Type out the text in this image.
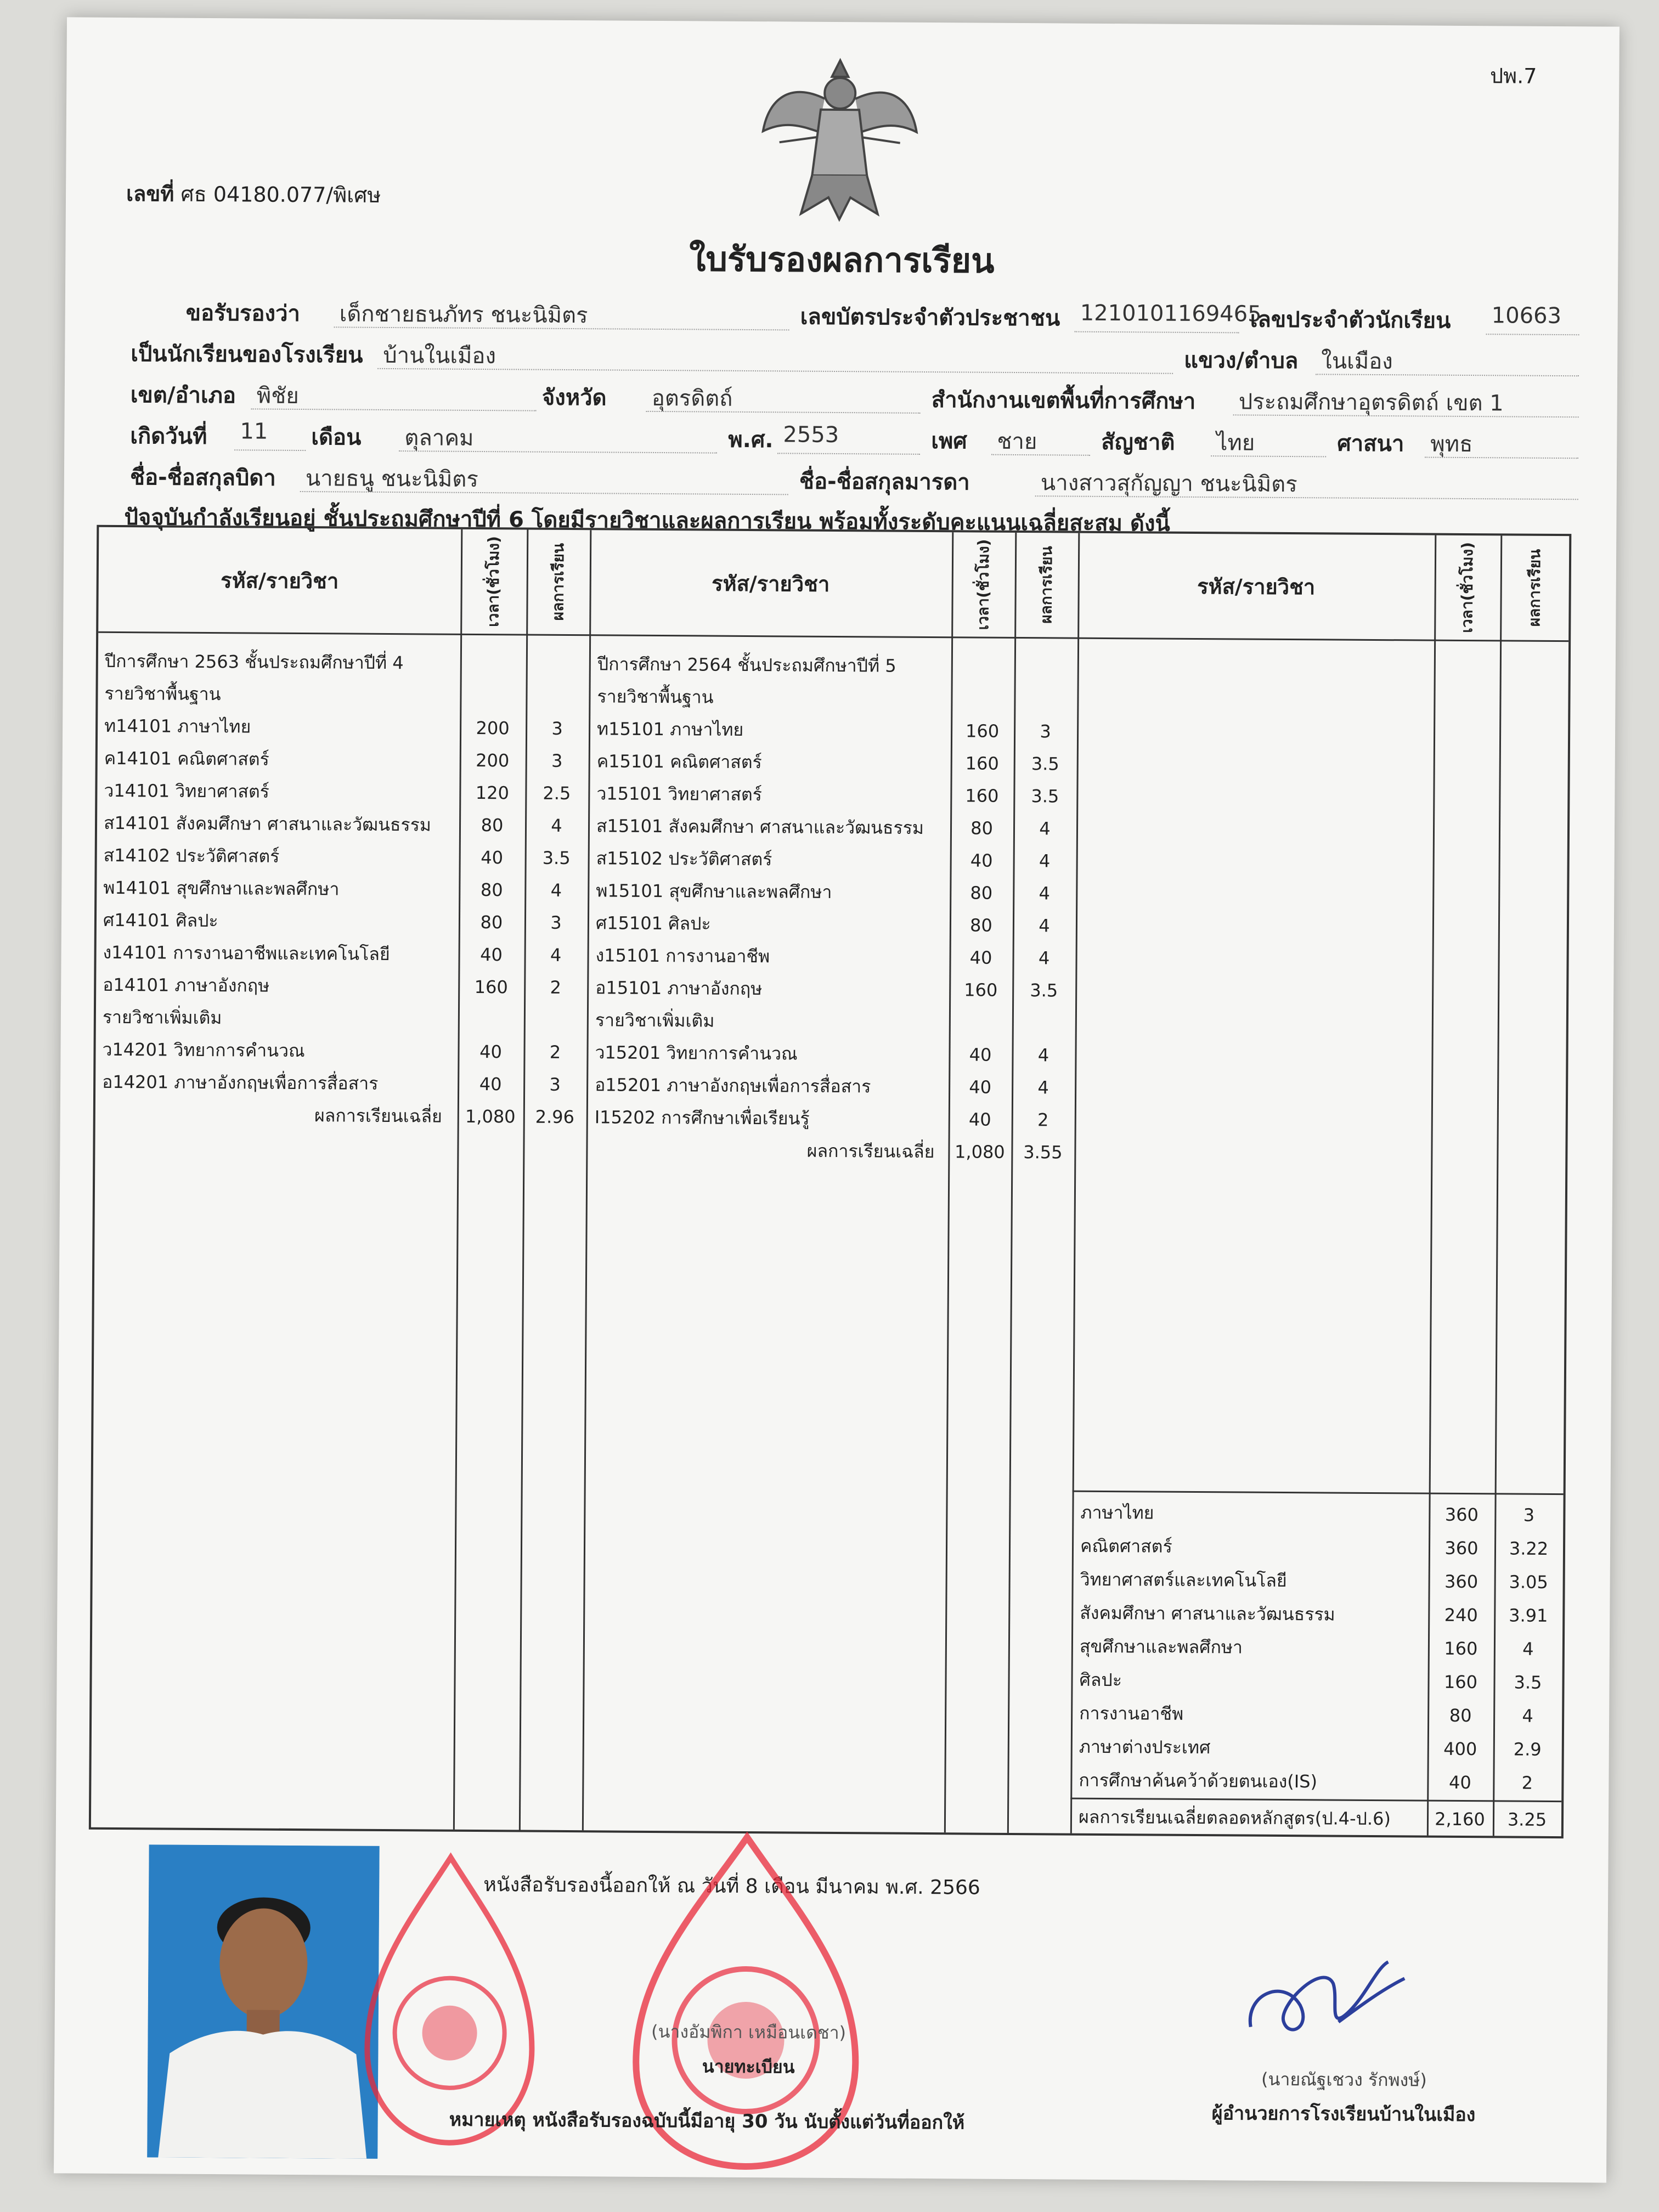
ปพ.7
เลขที่ ศธ 04180.077/พิเศษ
ใบรับรองผลการเรียน
ขอรับรองว่า เด็กชายธนภัทร ชนะนิมิตร	เลขบัตรประจำตัวประชาชน 1210101169465
เลขประจำตัวนักเรียน 10663
เป็นนักเรียนของโรงเรียน บ้านในเมือง	แขวง/ตำบล ในเมือง
เขต/อำเภอ พิชัย	จังหวัด อุตรดิตถ์	สำนักงานเขตพื้นที่การศึกษา ประถมศึกษาอุตรดิตถ์ เขต 1
เกิดวันที่ 11 เดือน ตุลาคม	พ.ศ. 2553	เพศ ชาย	สัญชาติ ไทย	ศาสนา พุทธ
ชื่อ-ชื่อสกุลบิดา นายธนู ชนะนิมิตร	ชื่อ-ชื่อสกุลมารดา	นางสาวสุกัญญา ชนะนิมิตร
ปัจจุบันกำลังเรียนอยู่ ชั้นประถมศึกษาปีที่ 6 โดยมีรายวิชาและผลการเรียน พร้อมทั้งระดับคะแนนเฉลี่ยสะสม ดังนี้
รหัส/รายวิชา	เวลา(ชั่วโมง)	ผลการเรียน	รหัส/รายวิชา	เวลา(ชั่วโมง)	ผลการเรียน	รหัส/รายวิชา	เวลา(ชั่วโมง)	ผลการเรียน
ปีการศึกษา 2563 ชั้นประถมศึกษาปีที่ 4
รายวิชาพื้นฐาน
ท14101 ภาษาไทย	200	3
ค14101 คณิตศาสตร์	200	3
ว14101 วิทยาศาสตร์	120	2.5
ส14101 สังคมศึกษา ศาสนาและวัฒนธรรม	80	4
ส14102 ประวัติศาสตร์	40	3.5
พ14101 สุขศึกษาและพลศึกษา	80	4
ศ14101 ศิลปะ	80	3
ง14101 การงานอาชีพและเทคโนโลยี	40	4
อ14101 ภาษาอังกฤษ	160	2
รายวิชาเพิ่มเติม
ว14201 วิทยาการคำนวณ	40	2
อ14201 ภาษาอังกฤษเพื่อการสื่อสาร	40	3
ผลการเรียนเฉลี่ย	1,080	2.96
ปีการศึกษา 2564 ชั้นประถมศึกษาปีที่ 5
รายวิชาพื้นฐาน
ท15101 ภาษาไทย	160	3
ค15101 คณิตศาสตร์	160	3.5
ว15101 วิทยาศาสตร์	160	3.5
ส15101 สังคมศึกษา ศาสนาและวัฒนธรรม	80	4
ส15102 ประวัติศาสตร์	40	4
พ15101 สุขศึกษาและพลศึกษา	80	4
ศ15101 ศิลปะ	80	4
ง15101 การงานอาชีพ	40	4
อ15101 ภาษาอังกฤษ	160	3.5
รายวิชาเพิ่มเติม
ว15201 วิทยาการคำนวณ	40	4
อ15201 ภาษาอังกฤษเพื่อการสื่อสาร	40	4
I15202 การศึกษาเพื่อเรียนรู้	40	2
ผลการเรียนเฉลี่ย	1,080	3.55
ภาษาไทย	360	3
คณิตศาสตร์	360	3.22
วิทยาศาสตร์และเทคโนโลยี	360	3.05
สังคมศึกษา ศาสนาและวัฒนธรรม	240	3.91
สุขศึกษาและพลศึกษา	160	4
ศิลปะ	160	3.5
การงานอาชีพ	80	4
ภาษาต่างประเทศ	400	2.9
การศึกษาค้นคว้าด้วยตนเอง(IS)	40	2
ผลการเรียนเฉลี่ยตลอดหลักสูตร(ป.4-ป.6)	2,160	3.25
หนังสือรับรองนี้ออกให้ ณ วันที่ 8 เดือน มีนาคม พ.ศ. 2566
(นางอัมพิกา เหมือนเดชา)
นายทะเบียน
หมายเหตุ หนังสือรับรองฉบับนี้มีอายุ 30 วัน นับตั้งแต่วันที่ออกให้
(นายณัฐเชวง รักพงษ์)
ผู้อำนวยการโรงเรียนบ้านในเมือง
